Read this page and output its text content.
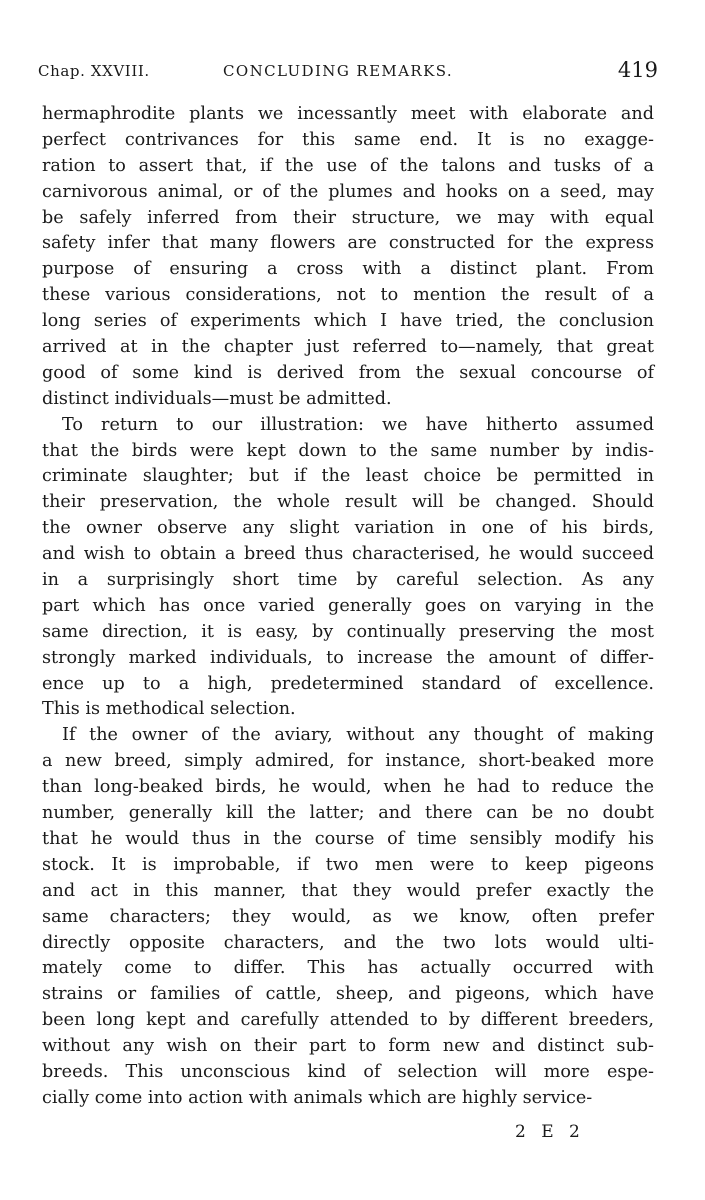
Chap. XXVIII.	CONCLUDING REMARKS.	419
hermaphrodite plants we incessantly meet with elaborate and
perfect contrivances for this same end. It is no exagge-
ration to assert that, if the use of the talons and tusks of a
carnivorous animal, or of the plumes and hooks on a seed, may
be safely inferred from their structure, we may with equal
safety infer that many flowers are constructed for the express
purpose of ensuring a cross with a distinct plant. From
these various considerations, not to mention the result of a
long series of experiments which I have tried, the conclusion
arrived at in the chapter just referred to—namely, that great
good of some kind is derived from the sexual concourse of
distinct individuals—must be admitted.
To return to our illustration: we have hitherto assumed
that the birds were kept down to the same number by indis-
criminate slaughter; but if the least choice be permitted in
their preservation, the whole result will be changed. Should
the owner observe any slight variation in one of his birds,
and wish to obtain a breed thus characterised, he would succeed
in a surprisingly short time by careful selection. As any
part which has once varied generally goes on varying in the
same direction, it is easy, by continually preserving the most
strongly marked individuals, to increase the amount of differ-
ence up to a high, predetermined standard of excellence.
This is methodical selection.
If the owner of the aviary, without any thought of making
a new breed, simply admired, for instance, short-beaked more
than long-beaked birds, he would, when he had to reduce the
number, generally kill the latter; and there can be no doubt
that he would thus in the course of time sensibly modify his
stock. It is improbable, if two men were to keep pigeons
and act in this manner, that they would prefer exactly the
same characters; they would, as we know, often prefer
directly opposite characters, and the two lots would ulti-
mately come to differ. This has actually occurred with
strains or families of cattle, sheep, and pigeons, which have
been long kept and carefully attended to by different breeders,
without any wish on their part to form new and distinct sub-
breeds. This unconscious kind of selection will more espe-
cially come into action with animals which are highly service-
2 E 2
